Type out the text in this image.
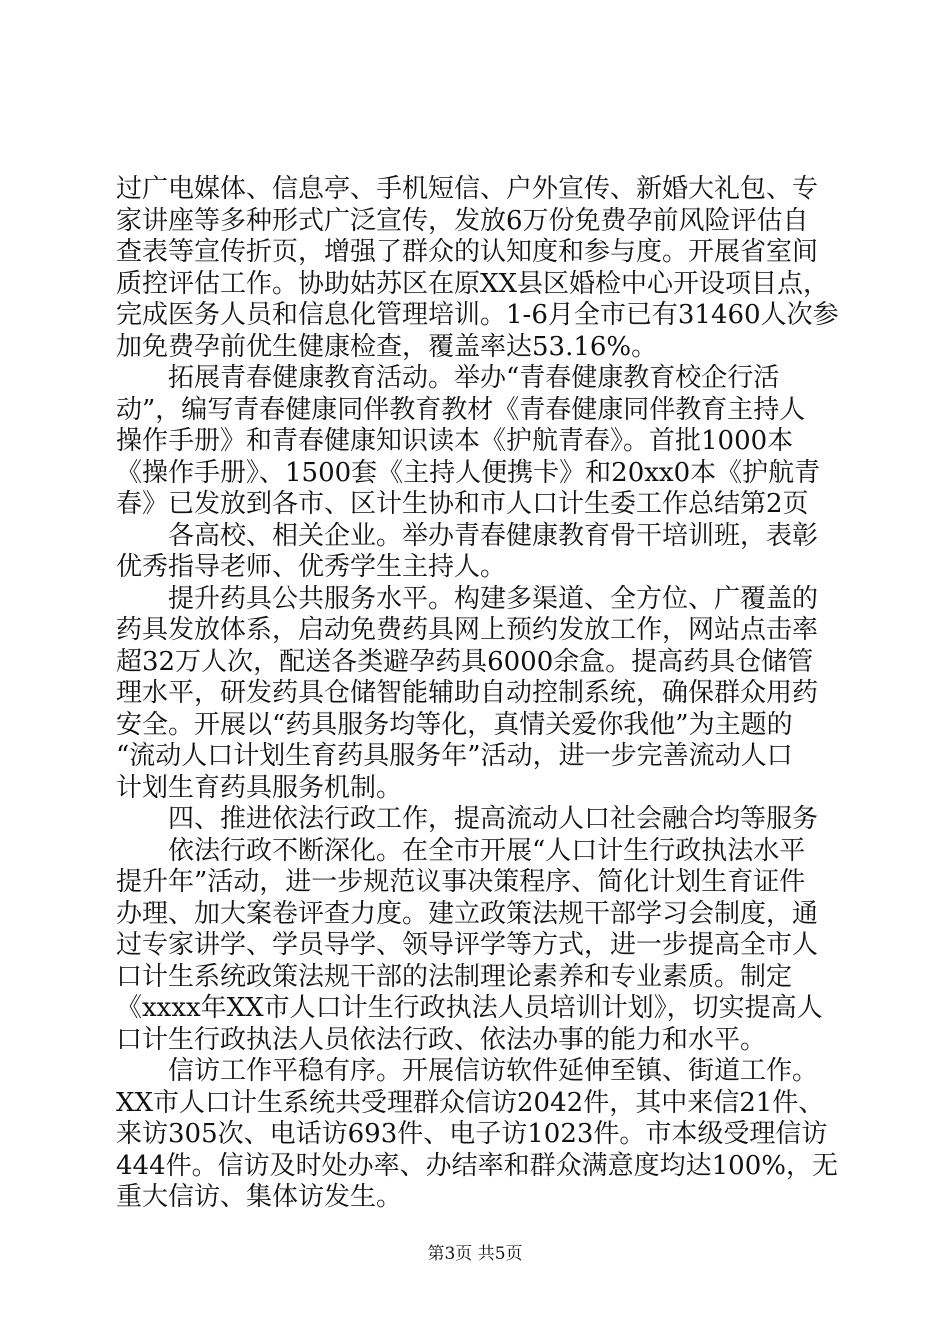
过广电媒体、信息亭、手机短信、户外宣传、新婚大礼包、专

家讲座等多种形式广泛宣传，发放6万份免费孕前风险评估自

查表等宣传折页，增强了群众的认知度和参与度。开展省室间

质控评估工作。协助姑苏区在原XX县区婚检中心开设项目点，

完成医务人员和信息化管理培训。1-6月全市已有31460人次参

加免费孕前优生健康检查，覆盖率达53.16%。

　　拓展青春健康教育活动。举办“青春健康教育校企行活

动”，编写青春健康同伴教育教材《青春健康同伴教育主持人

操作手册》和青春健康知识读本《护航青春》。首批1000本

《操作手册》、1500套《主持人便携卡》和20xx0本《护航青

春》已发放到各市、区计生协和市人口计生委工作总结第2页

　　各高校、相关企业。举办青春健康教育骨干培训班，表彰

优秀指导老师、优秀学生主持人。

　　提升药具公共服务水平。构建多渠道、全方位、广覆盖的

药具发放体系，启动免费药具网上预约发放工作，网站点击率

超32万人次，配送各类避孕药具6000余盒。提高药具仓储管

理水平，研发药具仓储智能辅助自动控制系统，确保群众用药

安全。开展以“药具服务均等化，真情关爱你我他”为主题的

“流动人口计划生育药具服务年”活动，进一步完善流动人口

计划生育药具服务机制。

　　四、推进依法行政工作，提高流动人口社会融合均等服务

　　依法行政不断深化。在全市开展“人口计生行政执法水平

提升年”活动，进一步规范议事决策程序、简化计划生育证件

办理、加大案卷评查力度。建立政策法规干部学习会制度，通

过专家讲学、学员导学、领导评学等方式，进一步提高全市人

口计生系统政策法规干部的法制理论素养和专业素质。制定

《xxxx年XX市人口计生行政执法人员培训计划》，切实提高人

口计生行政执法人员依法行政、依法办事的能力和水平。

　　信访工作平稳有序。开展信访软件延伸至镇、街道工作。

XX市人口计生系统共受理群众信访2042件，其中来信21件、

来访305次、电话访693件、电子访1023件。市本级受理信访

444件。信访及时处办率、办结率和群众满意度均达100%，无

重大信访、集体访发生。

第3页 共5页
